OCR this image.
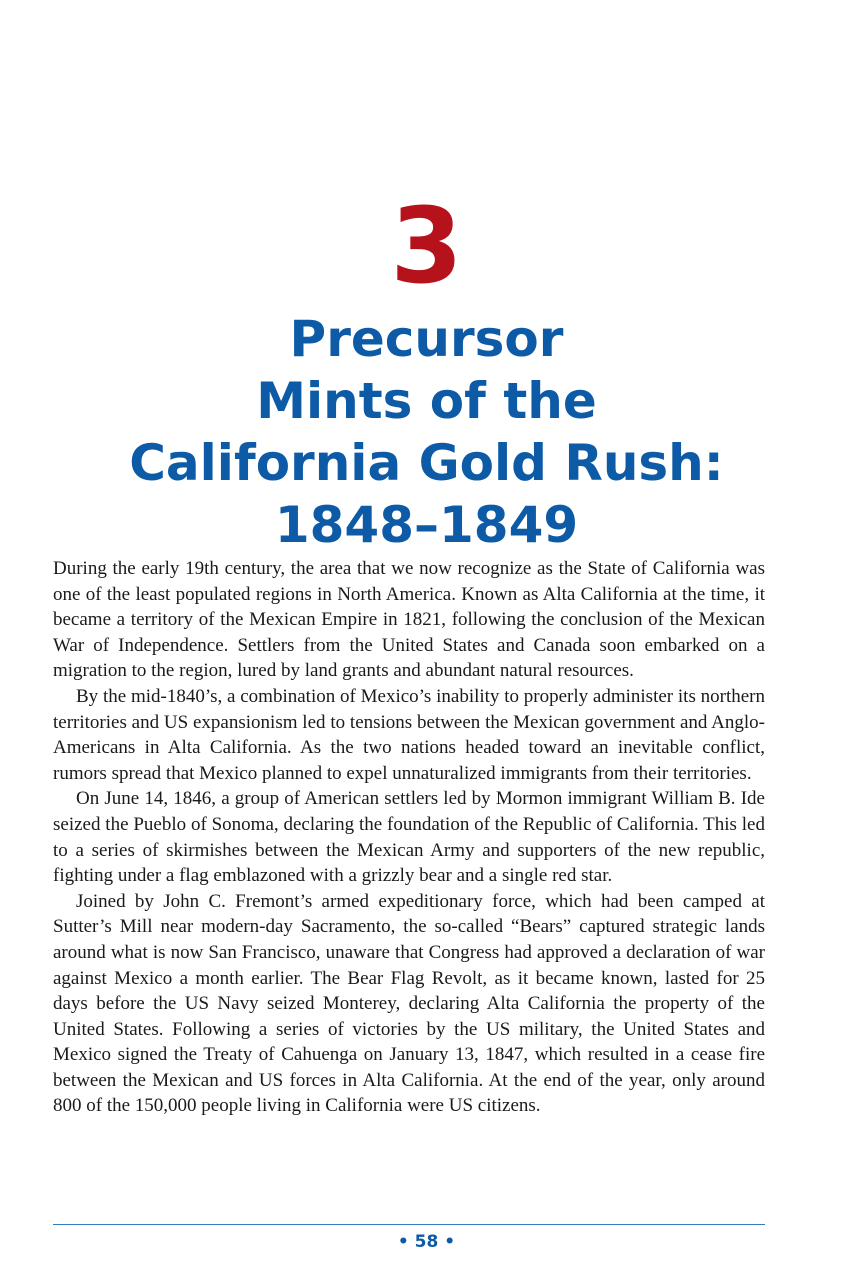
3
Precursor
Mints of the
California Gold Rush:
1848–1849

During the early 19th century, the area that we now recognize as the State of California was one of the least populated regions in North America. Known as Alta California at the time, it became a territory of the Mexican Empire in 1821, following the conclusion of the Mexican War of Independence. Settlers from the United States and Canada soon embarked on a migration to the region, lured by land grants and abundant natural resources.

By the mid-1840’s, a combination of Mexico’s inability to properly administer its northern territories and US expansionism led to tensions between the Mexican government and Anglo-Americans in Alta California. As the two nations headed toward an inevitable conflict, rumors spread that Mexico planned to expel unnaturalized immigrants from their territories.

On June 14, 1846, a group of American settlers led by Mormon immigrant William B. Ide seized the Pueblo of Sonoma, declaring the foundation of the Republic of California. This led to a series of skirmishes between the Mexican Army and supporters of the new republic, fighting under a flag emblazoned with a grizzly bear and a single red star.

Joined by John C. Fremont’s armed expeditionary force, which had been camped at Sutter’s Mill near modern-day Sacramento, the so-called “Bears” captured strategic lands around what is now San Francisco, unaware that Congress had approved a declaration of war against Mexico a month earlier. The Bear Flag Revolt, as it became known, lasted for 25 days before the US Navy seized Monterey, declaring Alta California the property of the United States. Following a series of victories by the US military, the United States and Mexico signed the Treaty of Cahuenga on January 13, 1847, which resulted in a cease fire between the Mexican and US forces in Alta California. At the end of the year, only around 800 of the 150,000 people living in California were US citizens.

• 58 •
